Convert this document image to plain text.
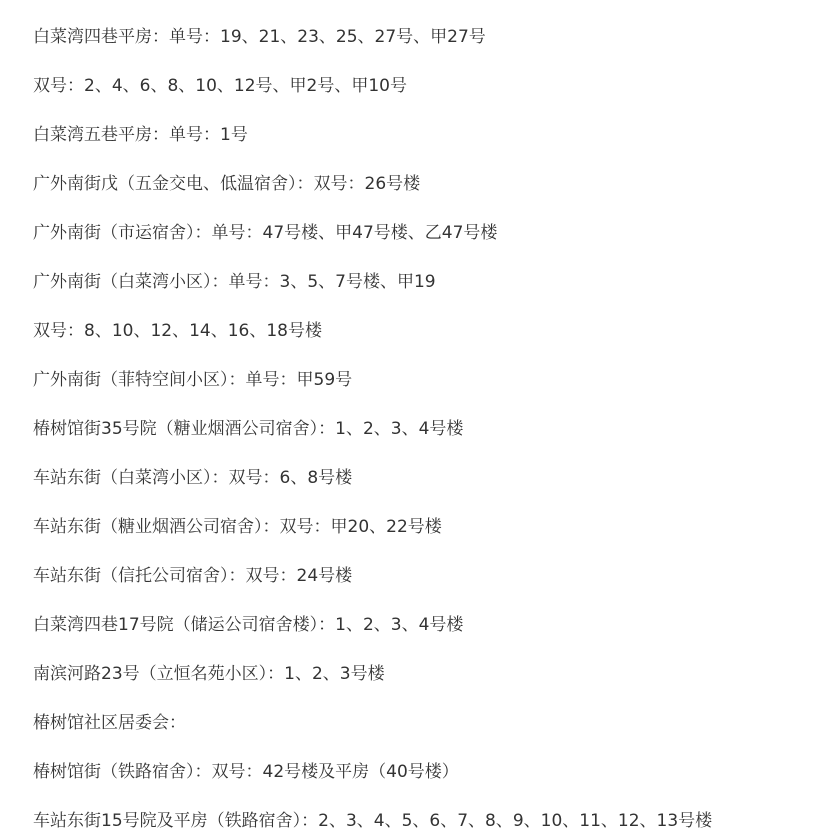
白菜湾四巷平房：单号：19、21、23、25、27号、甲27号

双号：2、4、6、8、10、12号、甲2号、甲10号

白菜湾五巷平房：单号：1号

广外南街戊（五金交电、低温宿舍）：双号：26号楼

广外南街（市运宿舍）：单号：47号楼、甲47号楼、乙47号楼

广外南街（白菜湾小区）：单号：3、5、7号楼、甲19

双号：8、10、12、14、16、18号楼

广外南街（菲特空间小区）：单号：甲59号

椿树馆街35号院（糖业烟酒公司宿舍）：1、2、3、4号楼

车站东街（白菜湾小区）：双号：6、8号楼

车站东街（糖业烟酒公司宿舍）：双号：甲20、22号楼

车站东街（信托公司宿舍）：双号：24号楼

白菜湾四巷17号院（储运公司宿舍楼）：1、2、3、4号楼

南滨河路23号（立恒名苑小区）：1、2、3号楼

椿树馆社区居委会：

椿树馆街（铁路宿舍）：双号：42号楼及平房（40号楼）

车站东街15号院及平房（铁路宿舍）：2、3、4、5、6、7、8、9、10、11、12、13号楼
